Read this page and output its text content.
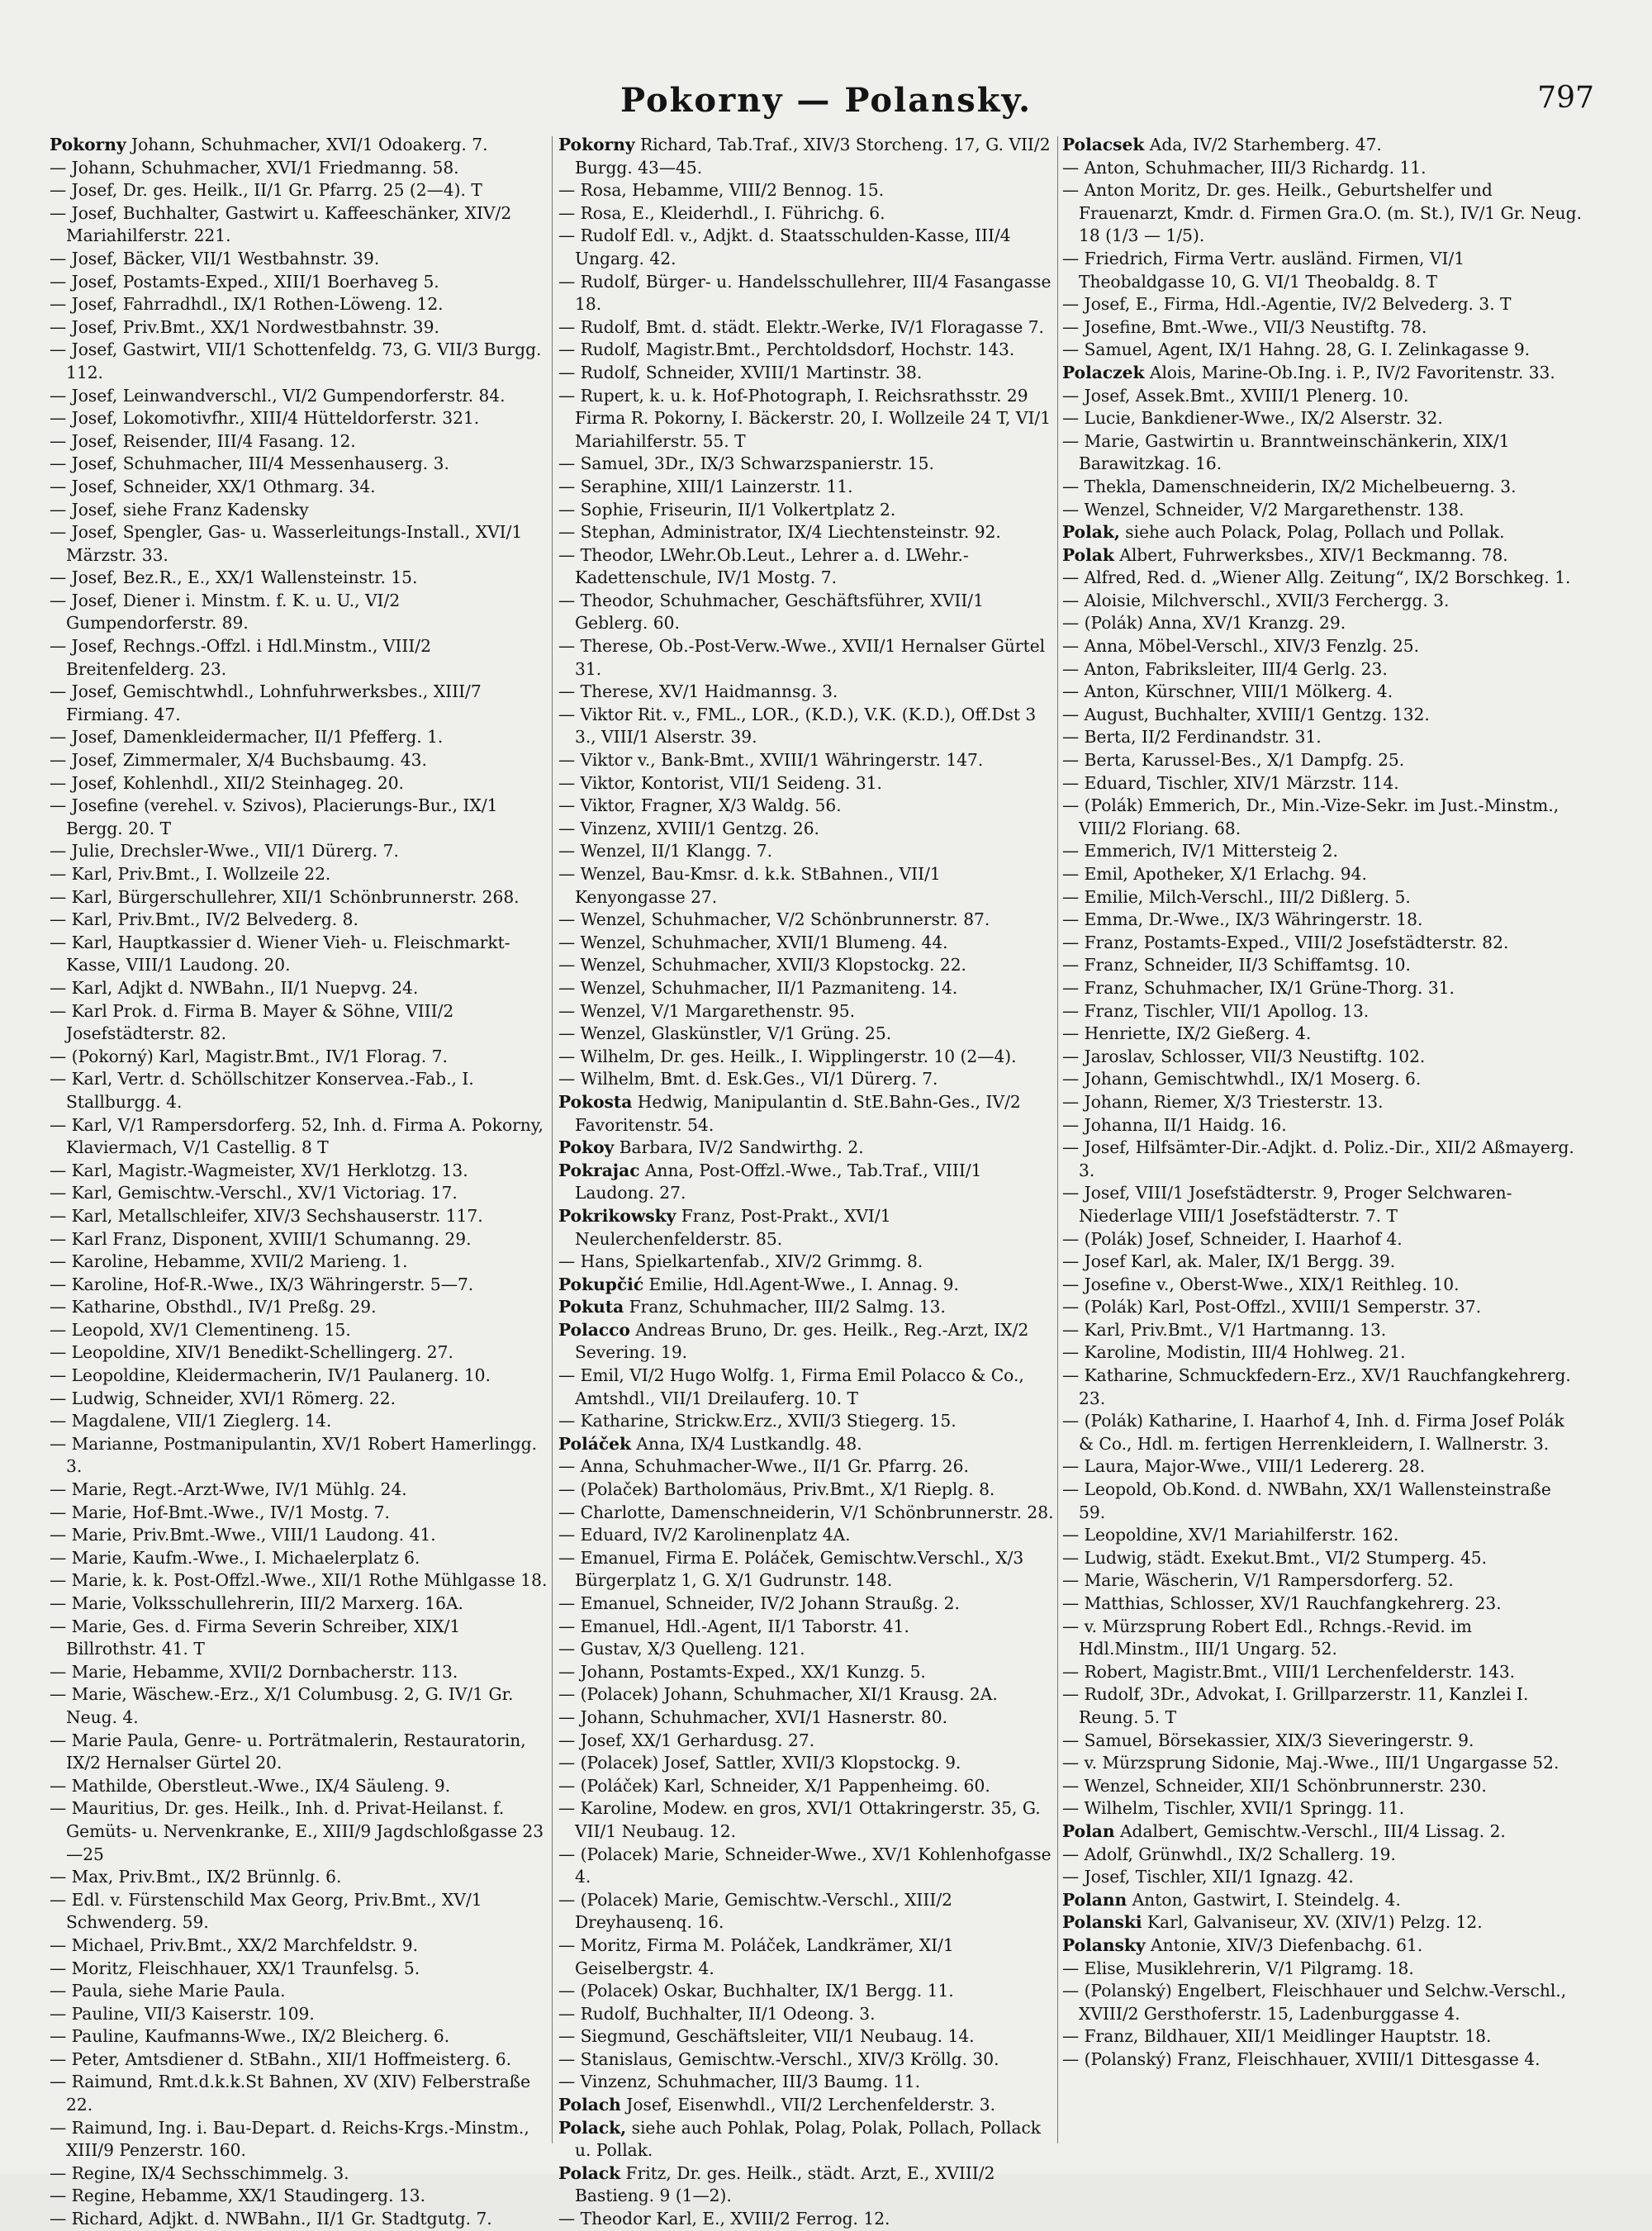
Pokorny — Polansky.	797

Pokorny Johann, Schuhmacher, XVI/1 Odoakerg. 7.

— Johann, Schuhmacher, XVI/1 Friedmanng. 58.

— Josef, Dr. ges. Heilk., II/1 Gr. Pfarrg. 25 (2—4). T

— Josef, Buchhalter, Gastwirt u. Kaffeeschänker, XIV/2 Mariahilferstr. 221.

— Josef, Bäcker, VII/1 Westbahnstr. 39.

— Josef, Postamts-Exped., XIII/1 Boerhaveg 5.

— Josef, Fahrradhdl., IX/1 Rothen-Löweng. 12.

— Josef, Priv.Bmt., XX/1 Nordwestbahnstr. 39.

— Josef, Gastwirt, VII/1 Schottenfeldg. 73, G. VII/3 Burgg. 112.

— Josef, Leinwandverschl., VI/2 Gumpendorferstr. 84.

— Josef, Lokomotivfhr., XIII/4 Hütteldorferstr. 321.

— Josef, Reisender, III/4 Fasang. 12.

— Josef, Schuhmacher, III/4 Messenhauserg. 3.

— Josef, Schneider, XX/1 Othmarg. 34.

— Josef, siehe Franz Kadensky

— Josef, Spengler, Gas- u. Wasserleitungs-Install., XVI/1 Märzstr. 33.

— Josef, Bez.R., E., XX/1 Wallensteinstr. 15.

— Josef, Diener i. Minstm. f. K. u. U., VI/2 Gumpendorferstr. 89.

— Josef, Rechngs.-Offzl. i Hdl.Minstm., VIII/2 Breitenfelderg. 23.

— Josef, Gemischtwhdl., Lohnfuhrwerksbes., XIII/7 Firmiang. 47.

— Josef, Damenkleidermacher, II/1 Pfefferg. 1.

— Josef, Zimmermaler, X/4 Buchsbaumg. 43.

— Josef, Kohlenhdl., XII/2 Steinhageg. 20.

— Josefine (verehel. v. Szivos), Placierungs-Bur., IX/1 Bergg. 20. T

— Julie, Drechsler-Wwe., VII/1 Dürerg. 7.

— Karl, Priv.Bmt., I. Wollzeile 22.

— Karl, Bürgerschullehrer, XII/1 Schönbrunnerstr. 268.

— Karl, Priv.Bmt., IV/2 Belvederg. 8.

— Karl, Hauptkassier d. Wiener Vieh- u. Fleischmarkt-Kasse, VIII/1 Laudong. 20.

— Karl, Adjkt d. NWBahn., II/1 Nuepvg. 24.

— Karl Prok. d. Firma B. Mayer & Söhne, VIII/2 Josefstädterstr. 82.

— (Pokorný) Karl, Magistr.Bmt., IV/1 Florag. 7.

— Karl, Vertr. d. Schöllschitzer Konservea.-Fab., I. Stallburgg. 4.

— Karl, V/1 Rampersdorferg. 52, Inh. d. Firma A. Pokorny, Klaviermach, V/1 Castellig. 8 T

— Karl, Magistr.-Wagmeister, XV/1 Herklotzg. 13.

— Karl, Gemischtw.-Verschl., XV/1 Victoriag. 17.

— Karl, Metallschleifer, XIV/3 Sechshauserstr. 117.

— Karl Franz, Disponent, XVIII/1 Schumanng. 29.

— Karoline, Hebamme, XVII/2 Marieng. 1.

— Karoline, Hof-R.-Wwe., IX/3 Währingerstr. 5—7.

— Katharine, Obsthdl., IV/1 Preßg. 29.

— Leopold, XV/1 Clementineng. 15.

— Leopoldine, XIV/1 Benedikt-Schellingerg. 27.

— Leopoldine, Kleidermacherin, IV/1 Paulanerg. 10.

— Ludwig, Schneider, XVI/1 Römerg. 22.

— Magdalene, VII/1 Zieglerg. 14.

— Marianne, Postmanipulantin, XV/1 Robert Hamerlingg. 3.

— Marie, Regt.-Arzt-Wwe, IV/1 Mühlg. 24.

— Marie, Hof-Bmt.-Wwe., IV/1 Mostg. 7.

— Marie, Priv.Bmt.-Wwe., VIII/1 Laudong. 41.

— Marie, Kaufm.-Wwe., I. Michaelerplatz 6.

— Marie, k. k. Post-Offzl.-Wwe., XII/1 Rothe Mühlgasse 18.

— Marie, Volksschullehrerin, III/2 Marxerg. 16A.

— Marie, Ges. d. Firma Severin Schreiber, XIX/1 Billrothstr. 41. T

— Marie, Hebamme, XVII/2 Dornbacherstr. 113.

— Marie, Wäschew.-Erz., X/1 Columbusg. 2, G. IV/1 Gr. Neug. 4.

— Marie Paula, Genre- u. Porträtmalerin, Restauratorin, IX/2 Hernalser Gürtel 20.

— Mathilde, Oberstleut.-Wwe., IX/4 Säuleng. 9.

— Mauritius, Dr. ges. Heilk., Inh. d. Privat-Heilanst. f. Gemüts- u. Nervenkranke, E., XIII/9 Jagdschloßgasse 23—25

— Max, Priv.Bmt., IX/2 Brünnlg. 6.

— Edl. v. Fürstenschild Max Georg, Priv.Bmt., XV/1 Schwenderg. 59.

— Michael, Priv.Bmt., XX/2 Marchfeldstr. 9.

— Moritz, Fleischhauer, XX/1 Traunfelsg. 5.

— Paula, siehe Marie Paula.

— Pauline, VII/3 Kaiserstr. 109.

— Pauline, Kaufmanns-Wwe., IX/2 Bleicherg. 6.

— Peter, Amtsdiener d. StBahn., XII/1 Hoffmeisterg. 6.

— Raimund, Rmt.d.k.k.St Bahnen, XV (XIV) Felberstraße 22.

— Raimund, Ing. i. Bau-Depart. d. Reichs-Krgs.-Minstm., XIII/9 Penzerstr. 160.

— Regine, IX/4 Sechsschimmelg. 3.

— Regine, Hebamme, XX/1 Staudingerg. 13.

— Richard, Adjkt. d. NWBahn., II/1 Gr. Stadtgutg. 7.

Pokorny Richard, Tab.Traf., XIV/3 Storcheng. 17, G. VII/2 Burgg. 43—45.

— Rosa, Hebamme, VIII/2 Bennog. 15.

— Rosa, E., Kleiderhdl., I. Führichg. 6.

— Rudolf Edl. v., Adjkt. d. Staatsschulden-Kasse, III/4 Ungarg. 42.

— Rudolf, Bürger- u. Handelsschullehrer, III/4 Fasangasse 18.

— Rudolf, Bmt. d. städt. Elektr.-Werke, IV/1 Floragasse 7.

— Rudolf, Magistr.Bmt., Perchtoldsdorf, Hochstr. 143.

— Rudolf, Schneider, XVIII/1 Martinstr. 38.

— Rupert, k. u. k. Hof-Photograph, I. Reichsrathsstr. 29 Firma R. Pokorny, I. Bäckerstr. 20, I. Wollzeile 24 T, VI/1 Mariahilferstr. 55. T

— Samuel, 3Dr., IX/3 Schwarzspanierstr. 15.

— Seraphine, XIII/1 Lainzerstr. 11.

— Sophie, Friseurin, II/1 Volkertplatz 2.

— Stephan, Administrator, IX/4 Liechtensteinstr. 92.

— Theodor, LWehr.Ob.Leut., Lehrer a. d. LWehr.-Kadettenschule, IV/1 Mostg. 7.

— Theodor, Schuhmacher, Geschäftsführer, XVII/1 Geblerg. 60.

— Therese, Ob.-Post-Verw.-Wwe., XVII/1 Hernalser Gürtel 31.

— Therese, XV/1 Haidmannsg. 3.

— Viktor Rit. v., FML., LOR., (K.D.), V.K. (K.D.), Off.Dst 3 3., VIII/1 Alserstr. 39.

— Viktor v., Bank-Bmt., XVIII/1 Währingerstr. 147.

— Viktor, Kontorist, VII/1 Seideng. 31.

— Viktor, Fragner, X/3 Waldg. 56.

— Vinzenz, XVIII/1 Gentzg. 26.

— Wenzel, II/1 Klangg. 7.

— Wenzel, Bau-Kmsr. d. k.k. StBahnen., VII/1 Kenyongasse 27.

— Wenzel, Schuhmacher, V/2 Schönbrunnerstr. 87.

— Wenzel, Schuhmacher, XVII/1 Blumeng. 44.

— Wenzel, Schuhmacher, XVII/3 Klopstockg. 22.

— Wenzel, Schuhmacher, II/1 Pazmaniteng. 14.

— Wenzel, V/1 Margarethenstr. 95.

— Wenzel, Glaskünstler, V/1 Grüng. 25.

— Wilhelm, Dr. ges. Heilk., I. Wipplingerstr. 10 (2—4).

— Wilhelm, Bmt. d. Esk.Ges., VI/1 Dürerg. 7.

Pokosta Hedwig, Manipulantin d. StE.Bahn-Ges., IV/2 Favoritenstr. 54.

Pokoy Barbara, IV/2 Sandwirthg. 2.

Pokrajac Anna, Post-Offzl.-Wwe., Tab.Traf., VIII/1 Laudong. 27.

Pokrikowsky Franz, Post-Prakt., XVI/1 Neulerchenfelderstr. 85.

— Hans, Spielkartenfab., XIV/2 Grimmg. 8.

Pokupčić Emilie, Hdl.Agent-Wwe., I. Annag. 9.

Pokuta Franz, Schuhmacher, III/2 Salmg. 13.

Polacco Andreas Bruno, Dr. ges. Heilk., Reg.-Arzt, IX/2 Severing. 19.

— Emil, VI/2 Hugo Wolfg. 1, Firma Emil Polacco & Co., Amtshdl., VII/1 Dreilauferg. 10. T

— Katharine, Strickw.Erz., XVII/3 Stiegerg. 15.

Poláček Anna, IX/4 Lustkandlg. 48.

— Anna, Schuhmacher-Wwe., II/1 Gr. Pfarrg. 26.

— (Polaček) Bartholomäus, Priv.Bmt., X/1 Rieplg. 8.

— Charlotte, Damenschneiderin, V/1 Schönbrunnerstr. 28.

— Eduard, IV/2 Karolinenplatz 4A.

— Emanuel, Firma E. Poláček, Gemischtw.Verschl., X/3 Bürgerplatz 1, G. X/1 Gudrunstr. 148.

— Emanuel, Schneider, IV/2 Johann Straußg. 2.

— Emanuel, Hdl.-Agent, II/1 Taborstr. 41.

— Gustav, X/3 Quelleng. 121.

— Johann, Postamts-Exped., XX/1 Kunzg. 5.

— (Polacek) Johann, Schuhmacher, XI/1 Krausg. 2A.

— Johann, Schuhmacher, XVI/1 Hasnerstr. 80.

— Josef, XX/1 Gerhardusg. 27.

— (Polacek) Josef, Sattler, XVII/3 Klopstockg. 9.

— (Poláček) Karl, Schneider, X/1 Pappenheimg. 60.

— Karoline, Modew. en gros, XVI/1 Ottakringerstr. 35, G. VII/1 Neubaug. 12.

— (Polacek) Marie, Schneider-Wwe., XV/1 Kohlenhofgasse 4.

— (Polacek) Marie, Gemischtw.-Verschl., XIII/2 Dreyhausenq. 16.

— Moritz, Firma M. Poláček, Landkrämer, XI/1 Geiselbergstr. 4.

— (Polacek) Oskar, Buchhalter, IX/1 Bergg. 11.

— Rudolf, Buchhalter, II/1 Odeong. 3.

— Siegmund, Geschäftsleiter, VII/1 Neubaug. 14.

— Stanislaus, Gemischtw.-Verschl., XIV/3 Kröllg. 30.

— Vinzenz, Schuhmacher, III/3 Baumg. 11.

Polach Josef, Eisenwhdl., VII/2 Lerchenfelderstr. 3.

Polack, siehe auch Pohlak, Polag, Polak, Pollach, Pollack u. Pollak.

Polack Fritz, Dr. ges. Heilk., städt. Arzt, E., XVIII/2 Bastieng. 9 (1—2).

— Theodor Karl, E., XVIII/2 Ferrog. 12.

Polacsek Ada, IV/2 Starhemberg. 47.

— Anton, Schuhmacher, III/3 Richardg. 11.

— Anton Moritz, Dr. ges. Heilk., Geburtshelfer und Frauenarzt, Kmdr. d. Firmen Gra.O. (m. St.), IV/1 Gr. Neug. 18 (1/3 — 1/5).

— Friedrich, Firma Vertr. ausländ. Firmen, VI/1 Theobaldgasse 10, G. VI/1 Theobaldg. 8. T

— Josef, E., Firma, Hdl.-Agentie, IV/2 Belvederg. 3. T

— Josefine, Bmt.-Wwe., VII/3 Neustiftg. 78.

— Samuel, Agent, IX/1 Hahng. 28, G. I. Zelinkagasse 9.

Polaczek Alois, Marine-Ob.Ing. i. P., IV/2 Favoritenstr. 33.

— Josef, Assek.Bmt., XVIII/1 Plenerg. 10.

— Lucie, Bankdiener-Wwe., IX/2 Alserstr. 32.

— Marie, Gastwirtin u. Branntweinschänkerin, XIX/1 Barawitzkag. 16.

— Thekla, Damenschneiderin, IX/2 Michelbeuerng. 3.

— Wenzel, Schneider, V/2 Margarethenstr. 138.

Polak, siehe auch Polack, Polag, Pollach und Pollak.

Polak Albert, Fuhrwerksbes., XIV/1 Beckmanng. 78.

— Alfred, Red. d. „Wiener Allg. Zeitung“, IX/2 Borschkeg. 1.

— Aloisie, Milchverschl., XVII/3 Ferchergg. 3.

— (Polák) Anna, XV/1 Kranzg. 29.

— Anna, Möbel-Verschl., XIV/3 Fenzlg. 25.

— Anton, Fabriksleiter, III/4 Gerlg. 23.

— Anton, Kürschner, VIII/1 Mölkerg. 4.

— August, Buchhalter, XVIII/1 Gentzg. 132.

— Berta, II/2 Ferdinandstr. 31.

— Berta, Karussel-Bes., X/1 Dampfg. 25.

— Eduard, Tischler, XIV/1 Märzstr. 114.

— (Polák) Emmerich, Dr., Min.-Vize-Sekr. im Just.-Minstm., VIII/2 Floriang. 68.

— Emmerich, IV/1 Mittersteig 2.

— Emil, Apotheker, X/1 Erlachg. 94.

— Emilie, Milch-Verschl., III/2 Dißlerg. 5.

— Emma, Dr.-Wwe., IX/3 Währingerstr. 18.

— Franz, Postamts-Exped., VIII/2 Josefstädterstr. 82.

— Franz, Schneider, II/3 Schiffamtsg. 10.

— Franz, Schuhmacher, IX/1 Grüne-Thorg. 31.

— Franz, Tischler, VII/1 Apollog. 13.

— Henriette, IX/2 Gießerg. 4.

— Jaroslav, Schlosser, VII/3 Neustiftg. 102.

— Johann, Gemischtwhdl., IX/1 Moserg. 6.

— Johann, Riemer, X/3 Triesterstr. 13.

— Johanna, II/1 Haidg. 16.

— Josef, Hilfsämter-Dir.-Adjkt. d. Poliz.-Dir., XII/2 Aßmayerg. 3.

— Josef, VIII/1 Josefstädterstr. 9, Proger Selchwaren-Niederlage VIII/1 Josefstädterstr. 7. T

— (Polák) Josef, Schneider, I. Haarhof 4.

— Josef Karl, ak. Maler, IX/1 Bergg. 39.

— Josefine v., Oberst-Wwe., XIX/1 Reithleg. 10.

— (Polák) Karl, Post-Offzl., XVIII/1 Semperstr. 37.

— Karl, Priv.Bmt., V/1 Hartmanng. 13.

— Karoline, Modistin, III/4 Hohlweg. 21.

— Katharine, Schmuckfedern-Erz., XV/1 Rauchfangkehrerg. 23.

— (Polák) Katharine, I. Haarhof 4, Inh. d. Firma Josef Polák & Co., Hdl. m. fertigen Herrenkleidern, I. Wallnerstr. 3.

— Laura, Major-Wwe., VIII/1 Ledererg. 28.

— Leopold, Ob.Kond. d. NWBahn, XX/1 Wallensteinstraße 59.

— Leopoldine, XV/1 Mariahilferstr. 162.

— Ludwig, städt. Exekut.Bmt., VI/2 Stumperg. 45.

— Marie, Wäscherin, V/1 Rampersdorferg. 52.

— Matthias, Schlosser, XV/1 Rauchfangkehrerg. 23.

— v. Mürzsprung Robert Edl., Rchngs.-Revid. im Hdl.Minstm., III/1 Ungarg. 52.

— Robert, Magistr.Bmt., VIII/1 Lerchenfelderstr. 143.

— Rudolf, 3Dr., Advokat, I. Grillparzerstr. 11, Kanzlei I. Reung. 5. T

— Samuel, Börsekassier, XIX/3 Sieveringerstr. 9.

— v. Mürzsprung Sidonie, Maj.-Wwe., III/1 Ungargasse 52.

— Wenzel, Schneider, XII/1 Schönbrunnerstr. 230.

— Wilhelm, Tischler, XVII/1 Springg. 11.

Polan Adalbert, Gemischtw.-Verschl., III/4 Lissag. 2.

— Adolf, Grünwhdl., IX/2 Schallerg. 19.

— Josef, Tischler, XII/1 Ignazg. 42.

Polann Anton, Gastwirt, I. Steindelg. 4.

Polanski Karl, Galvaniseur, XV. (XIV/1) Pelzg. 12.

Polansky Antonie, XIV/3 Diefenbachg. 61.

— Elise, Musiklehrerin, V/1 Pilgramg. 18.

— (Polanský) Engelbert, Fleischhauer und Selchw.-Verschl., XVIII/2 Gersthoferstr. 15, Ladenburggasse 4.

— Franz, Bildhauer, XII/1 Meidlinger Hauptstr. 18.

— (Polanský) Franz, Fleischhauer, XVIII/1 Dittesgasse 4.
